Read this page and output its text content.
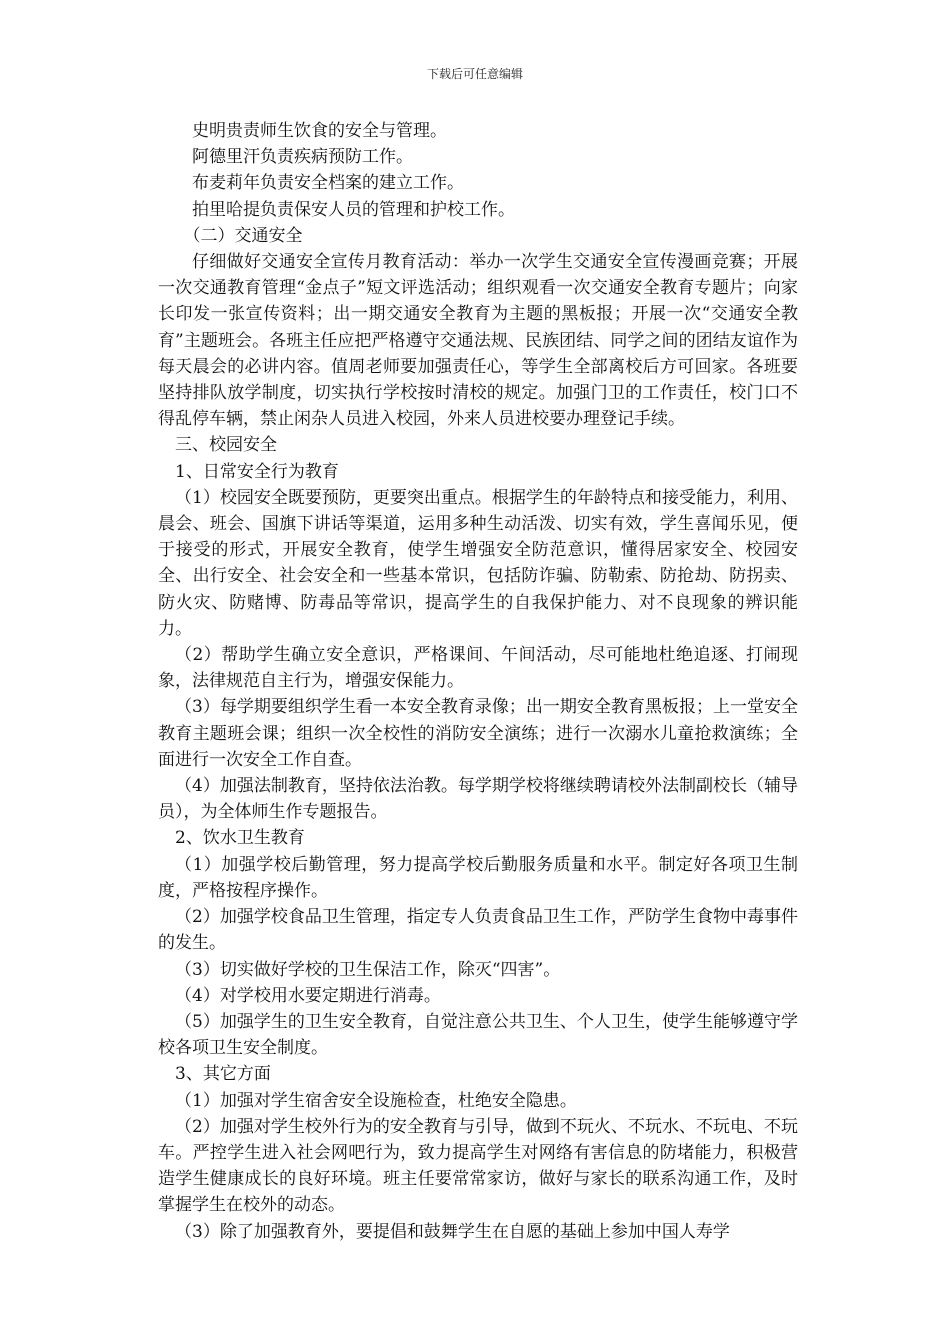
下载后可任意编辑

史明贵责师生饮食的安全与管理。

阿德里汗负责疾病预防工作。

布麦莉年负责安全档案的建立工作。

拍里哈提负责保安人员的管理和护校工作。

（二）交通安全

仔细做好交通安全宣传月教育活动：举办一次学生交通安全宣传漫画竞赛；开展一次交通教育管理“金点子”短文评选活动；组织观看一次交通安全教育专题片；向家长印发一张宣传资料；出一期交通安全教育为主题的黑板报；开展一次“交通安全教育”主题班会。各班主任应把严格遵守交通法规、民族团结、同学之间的团结友谊作为每天晨会的必讲内容。值周老师要加强责任心，等学生全部离校后方可回家。各班要坚持排队放学制度，切实执行学校按时清校的规定。加强门卫的工作责任，校门口不得乱停车辆，禁止闲杂人员进入校园，外来人员进校要办理登记手续。

三、校园安全

1、日常安全行为教育

（1）校园安全既要预防，更要突出重点。根据学生的年龄特点和接受能力，利用、晨会、班会、国旗下讲话等渠道，运用多种生动活泼、切实有效，学生喜闻乐见，便于接受的形式，开展安全教育，使学生增强安全防范意识，懂得居家安全、校园安全、出行安全、社会安全和一些基本常识，包括防诈骗、防勒索、防抢劫、防拐卖、防火灾、防赌博、防毒品等常识，提高学生的自我保护能力、对不良现象的辨识能力。

（2）帮助学生确立安全意识，严格课间、午间活动，尽可能地杜绝追逐、打闹现象，法律规范自主行为，增强安保能力。

（3）每学期要组织学生看一本安全教育录像；出一期安全教育黑板报；上一堂安全教育主题班会课；组织一次全校性的消防安全演练；进行一次溺水儿童抢救演练；全面进行一次安全工作自查。

（4）加强法制教育，坚持依法治教。每学期学校将继续聘请校外法制副校长（辅导员），为全体师生作专题报告。

2、饮水卫生教育

（1）加强学校后勤管理，努力提高学校后勤服务质量和水平。制定好各项卫生制度，严格按程序操作。

（2）加强学校食品卫生管理，指定专人负责食品卫生工作，严防学生食物中毒事件的发生。

（3）切实做好学校的卫生保洁工作，除灭“四害”。

（4）对学校用水要定期进行消毒。

（5）加强学生的卫生安全教育，自觉注意公共卫生、个人卫生，使学生能够遵守学校各项卫生安全制度。

3、其它方面

（1）加强对学生宿舍安全设施检查，杜绝安全隐患。

（2）加强对学生校外行为的安全教育与引导，做到不玩火、不玩水、不玩电、不玩车。严控学生进入社会网吧行为，致力提高学生对网络有害信息的防堵能力，积极营造学生健康成长的良好环境。班主任要常常家访，做好与家长的联系沟通工作，及时掌握学生在校外的动态。

（3）除了加强教育外，要提倡和鼓舞学生在自愿的基础上参加中国人寿学
